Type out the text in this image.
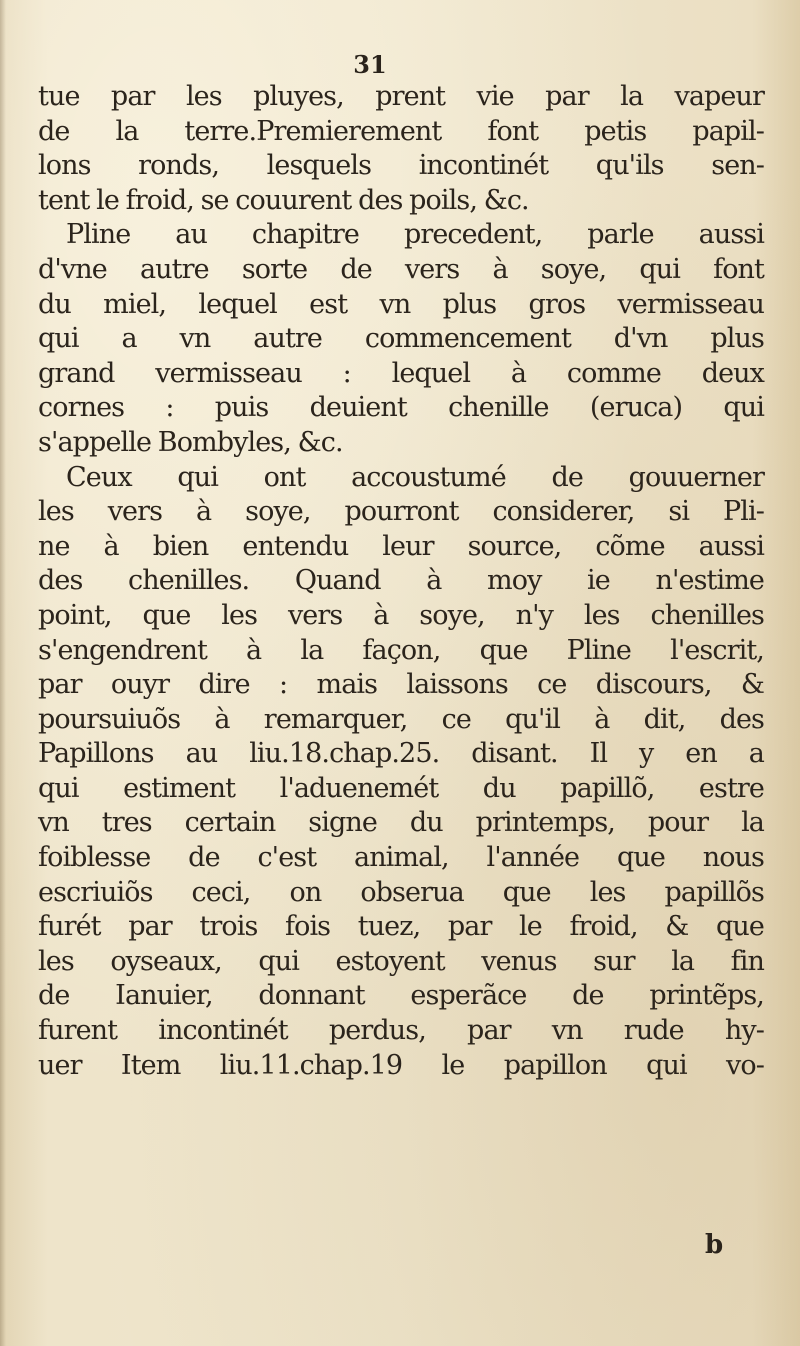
31
tue par les pluyes, prent vie par la vapeur
de la terre.Premierement font petis papil-
lons ronds, lesquels incontinét qu'ils sen-
tent le froid, se couurent des poils, &c.
Pline au chapitre precedent, parle aussi
d'vne autre sorte de vers à soye, qui font
du miel, lequel est vn plus gros vermisseau
qui a vn autre commencement d'vn plus
grand vermisseau : lequel à comme deux
cornes : puis deuient chenille (eruca) qui
s'appelle Bombyles, &c.
Ceux qui ont accoustumé de gouuerner
les vers à soye, pourront considerer, si Pli-
ne à bien entendu leur source, cõme aussi
des chenilles. Quand à moy ie n'estime
point, que les vers à soye, n'y les chenilles
s'engendrent à la façon, que Pline l'escrit,
par ouyr dire : mais laissons ce discours, &
poursuiuõs à remarquer, ce qu'il à dit, des
Papillons au liu.18.chap.25. disant. Il y en a
qui estiment l'aduenemét du papillõ, estre
vn tres certain signe du printemps, pour la
foiblesse de c'est animal, l'année que nous
escriuiõs ceci, on obserua que les papillõs
furét par trois fois tuez, par le froid, & que
les oyseaux, qui estoyent venus sur la fin
de Ianuier, donnant esperãce de printẽps,
furent incontinét perdus, par vn rude hy-
uer Item liu.11.chap.19 le papillon qui vo-
b
